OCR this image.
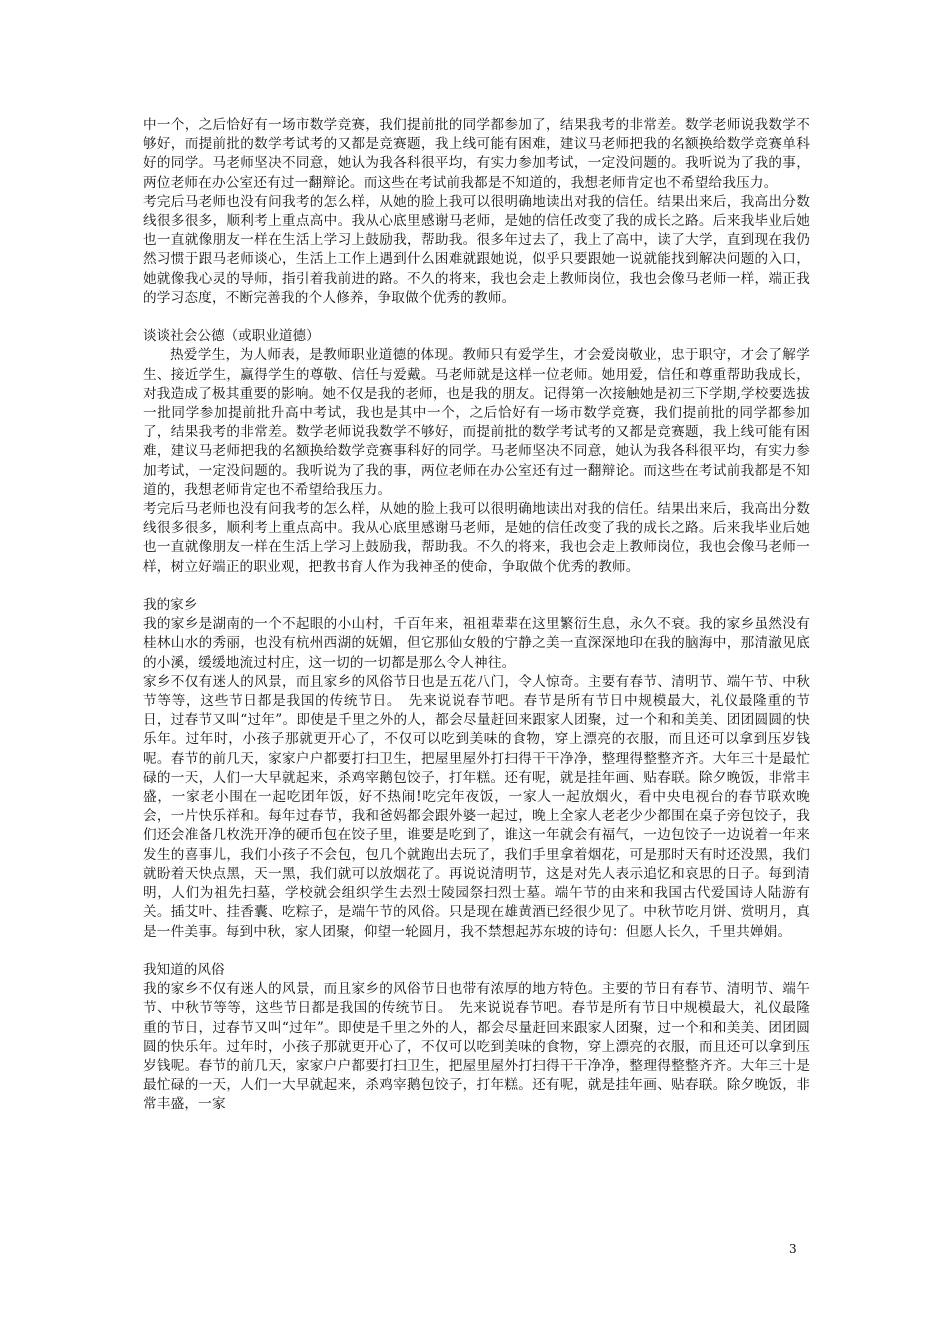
中一个，之后恰好有一场市数学竞赛，我们提前批的同学都参加了，结果我考的非常差。数学老师说我数学不够好，而提前批的数学考试考的又都是竞赛题，我上线可能有困难，建议马老师把我的名额换给数学竞赛单科好的同学。马老师坚决不同意，她认为我各科很平均，有实力参加考试，一定没问题的。我听说为了我的事，两位老师在办公室还有过一翻辩论。而这些在考试前我都是不知道的，我想老师肯定也不希望给我压力。

考完后马老师也没有问我考的怎么样，从她的脸上我可以很明确地读出对我的信任。结果出来后，我高出分数线很多很多，顺利考上重点高中。我从心底里感谢马老师，是她的信任改变了我的成长之路。后来我毕业后她也一直就像朋友一样在生活上学习上鼓励我，帮助我。很多年过去了，我上了高中，读了大学，直到现在我仍然习惯于跟马老师谈心，生活上工作上遇到什么困难就跟她说，似乎只要跟她一说就能找到解决问题的入口，她就像我心灵的导师，指引着我前进的路。不久的将来，我也会走上教师岗位，我也会像马老师一样，端正我的学习态度，不断完善我的个人修养，争取做个优秀的教师。

谈谈社会公德（或职业道德）

热爱学生，为人师表，是教师职业道德的体现。教师只有爱学生，才会爱岗敬业，忠于职守，才会了解学生、接近学生，赢得学生的尊敬、信任与爱戴。马老师就是这样一位老师。她用爱，信任和尊重帮助我成长，对我造成了极其重要的影响。她不仅是我的老师，也是我的朋友。记得第一次接触她是初三下学期,学校要选拔一批同学参加提前批升高中考试，我也是其中一个，之后恰好有一场市数学竞赛，我们提前批的同学都参加了，结果我考的非常差。数学老师说我数学不够好，而提前批的数学考试考的又都是竞赛题，我上线可能有困难，建议马老师把我的名额换给数学竞赛事科好的同学。马老师坚决不同意，她认为我各科很平均，有实力参加考试，一定没问题的。我听说为了我的事，两位老师在办公室还有过一翻辩论。而这些在考试前我都是不知道的，我想老师肯定也不希望给我压力。

考完后马老师也没有问我考的怎么样，从她的脸上我可以很明确地读出对我的信任。结果出来后，我高出分数线很多很多，顺利考上重点高中。我从心底里感谢马老师，是她的信任改变了我的成长之路。后来我毕业后她也一直就像朋友一样在生活上学习上鼓励我，帮助我。不久的将来，我也会走上教师岗位，我也会像马老师一样，树立好端正的职业观，把教书育人作为我神圣的使命，争取做个优秀的教师。

我的家乡

我的家乡是湖南的一个不起眼的小山村，千百年来，祖祖辈辈在这里繁衍生息，永久不衰。我的家乡虽然没有桂林山水的秀丽，也没有杭州西湖的妩媚，但它那仙女般的宁静之美一直深深地印在我的脑海中，那清澈见底的小溪，缓缓地流过村庄，这一切的一切都是那么令人神往。

家乡不仅有迷人的风景，而且家乡的风俗节日也是五花八门，令人惊奇。主要有春节、清明节、端午节、中秋节等等，这些节日都是我国的传统节日。　先来说说春节吧。春节是所有节日中规模最大，礼仪最隆重的节日，过春节又叫“过年”。即使是千里之外的人，都会尽量赶回来跟家人团聚，过一个和和美美、团团圆圆的快乐年。过年时，小孩子那就更开心了，不仅可以吃到美味的食物，穿上漂亮的衣服，而且还可以拿到压岁钱呢。春节的前几天，家家户户都要打扫卫生，把屋里屋外打扫得干干净净，整理得整整齐齐。大年三十是最忙碌的一天，人们一大早就起来，杀鸡宰鹅包饺子，打年糕。还有呢，就是挂年画、贴春联。除夕晚饭，非常丰盛，一家老小围在一起吃团年饭，好不热闹!吃完年夜饭，一家人一起放烟火，看中央电视台的春节联欢晚会，一片快乐祥和。每年过春节，我和爸妈都会跟外婆一起过，晚上全家人老老少少都围在桌子旁包饺子，我们还会准备几枚洗开净的硬币包在饺子里，谁要是吃到了，谁这一年就会有福气，一边包饺子一边说着一年来发生的喜事儿，我们小孩子不会包，包几个就跑出去玩了，我们手里拿着烟花，可是那时天有时还没黑，我们就盼着天快点黑，天一黑，我们就可以放烟花了。再说说清明节，这是对先人表示追忆和哀思的日子。每到清明，人们为祖先扫墓，学校就会组织学生去烈士陵园祭扫烈士墓。端午节的由来和我国古代爱国诗人陆游有关。插艾叶、挂香囊、吃粽子，是端午节的风俗。只是现在雄黄酒已经很少见了。中秋节吃月饼、赏明月，真是一件美事。每到中秋，家人团聚，仰望一轮圆月，我不禁想起苏东坡的诗句：但愿人长久，千里共婵娟。

我知道的风俗

我的家乡不仅有迷人的风景，而且家乡的风俗节日也带有浓厚的地方特色。主要的节日有春节、清明节、端午节、中秋节等等，这些节日都是我国的传统节日。　先来说说春节吧。春节是所有节日中规模最大，礼仪最隆重的节日，过春节又叫“过年”。即使是千里之外的人，都会尽量赶回来跟家人团聚，过一个和和美美、团团圆圆的快乐年。过年时，小孩子那就更开心了，不仅可以吃到美味的食物，穿上漂亮的衣服，而且还可以拿到压岁钱呢。春节的前几天，家家户户都要打扫卫生，把屋里屋外打扫得干干净净，整理得整整齐齐。大年三十是最忙碌的一天，人们一大早就起来，杀鸡宰鹅包饺子，打年糕。还有呢，就是挂年画、贴春联。除夕晚饭，非常丰盛，一家

3
